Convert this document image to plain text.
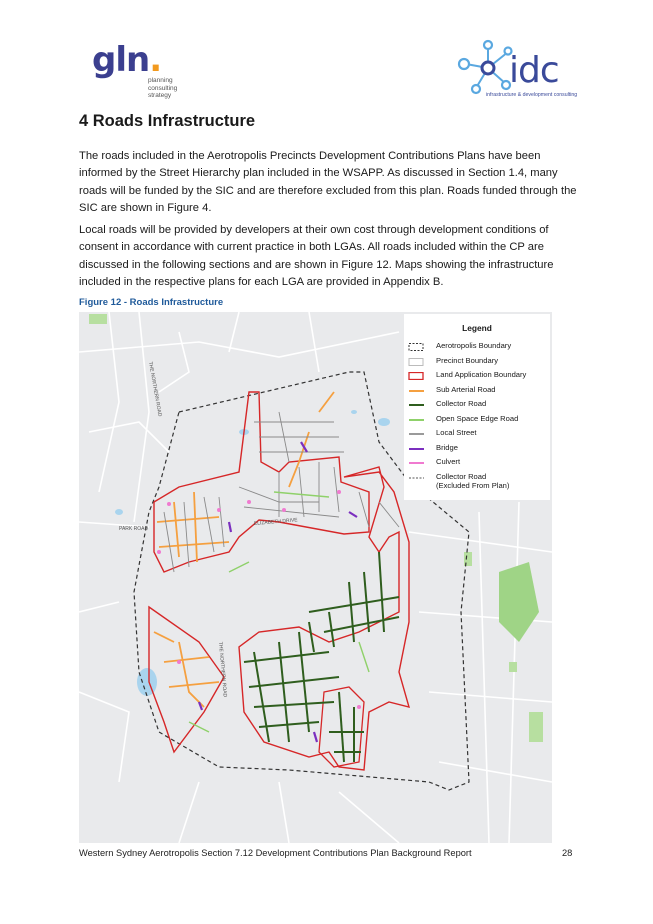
gln.
planning
consulting
strategy
idc
infrastructure & development consulting
4 Roads Infrastructure

The roads included in the Aerotropolis Precincts Development Contributions Plans have been informed by the Street Hierarchy plan included in the WSAPP. As discussed in Section 1.4, many roads will be funded by the SIC and are therefore excluded from this plan. Roads funded through the SIC are shown in Figure 4.

Local roads will be provided by developers at their own cost through development conditions of consent in accordance with current practice in both LGAs. All roads included within the CP are discussed in the following sections and are shown in Figure 12. Maps showing the infrastructure included in the respective plans for each LGA are provided in Appendix B.

Figure 12 - Roads Infrastructure
PARK ROAD
ELIZABETH DRIVE
THE NORTHERN ROAD
THE NORTHERN ROAD
Legend
Aerotropolis Boundary
Precinct Boundary
Land Application Boundary
Sub Arterial Road
Collector Road
Open Space Edge Road
Local Street
Bridge
Culvert
Collector Road
(Excluded From Plan)
Western Sydney Aerotropolis Section 7.12 Development Contributions Plan Background Report	28
